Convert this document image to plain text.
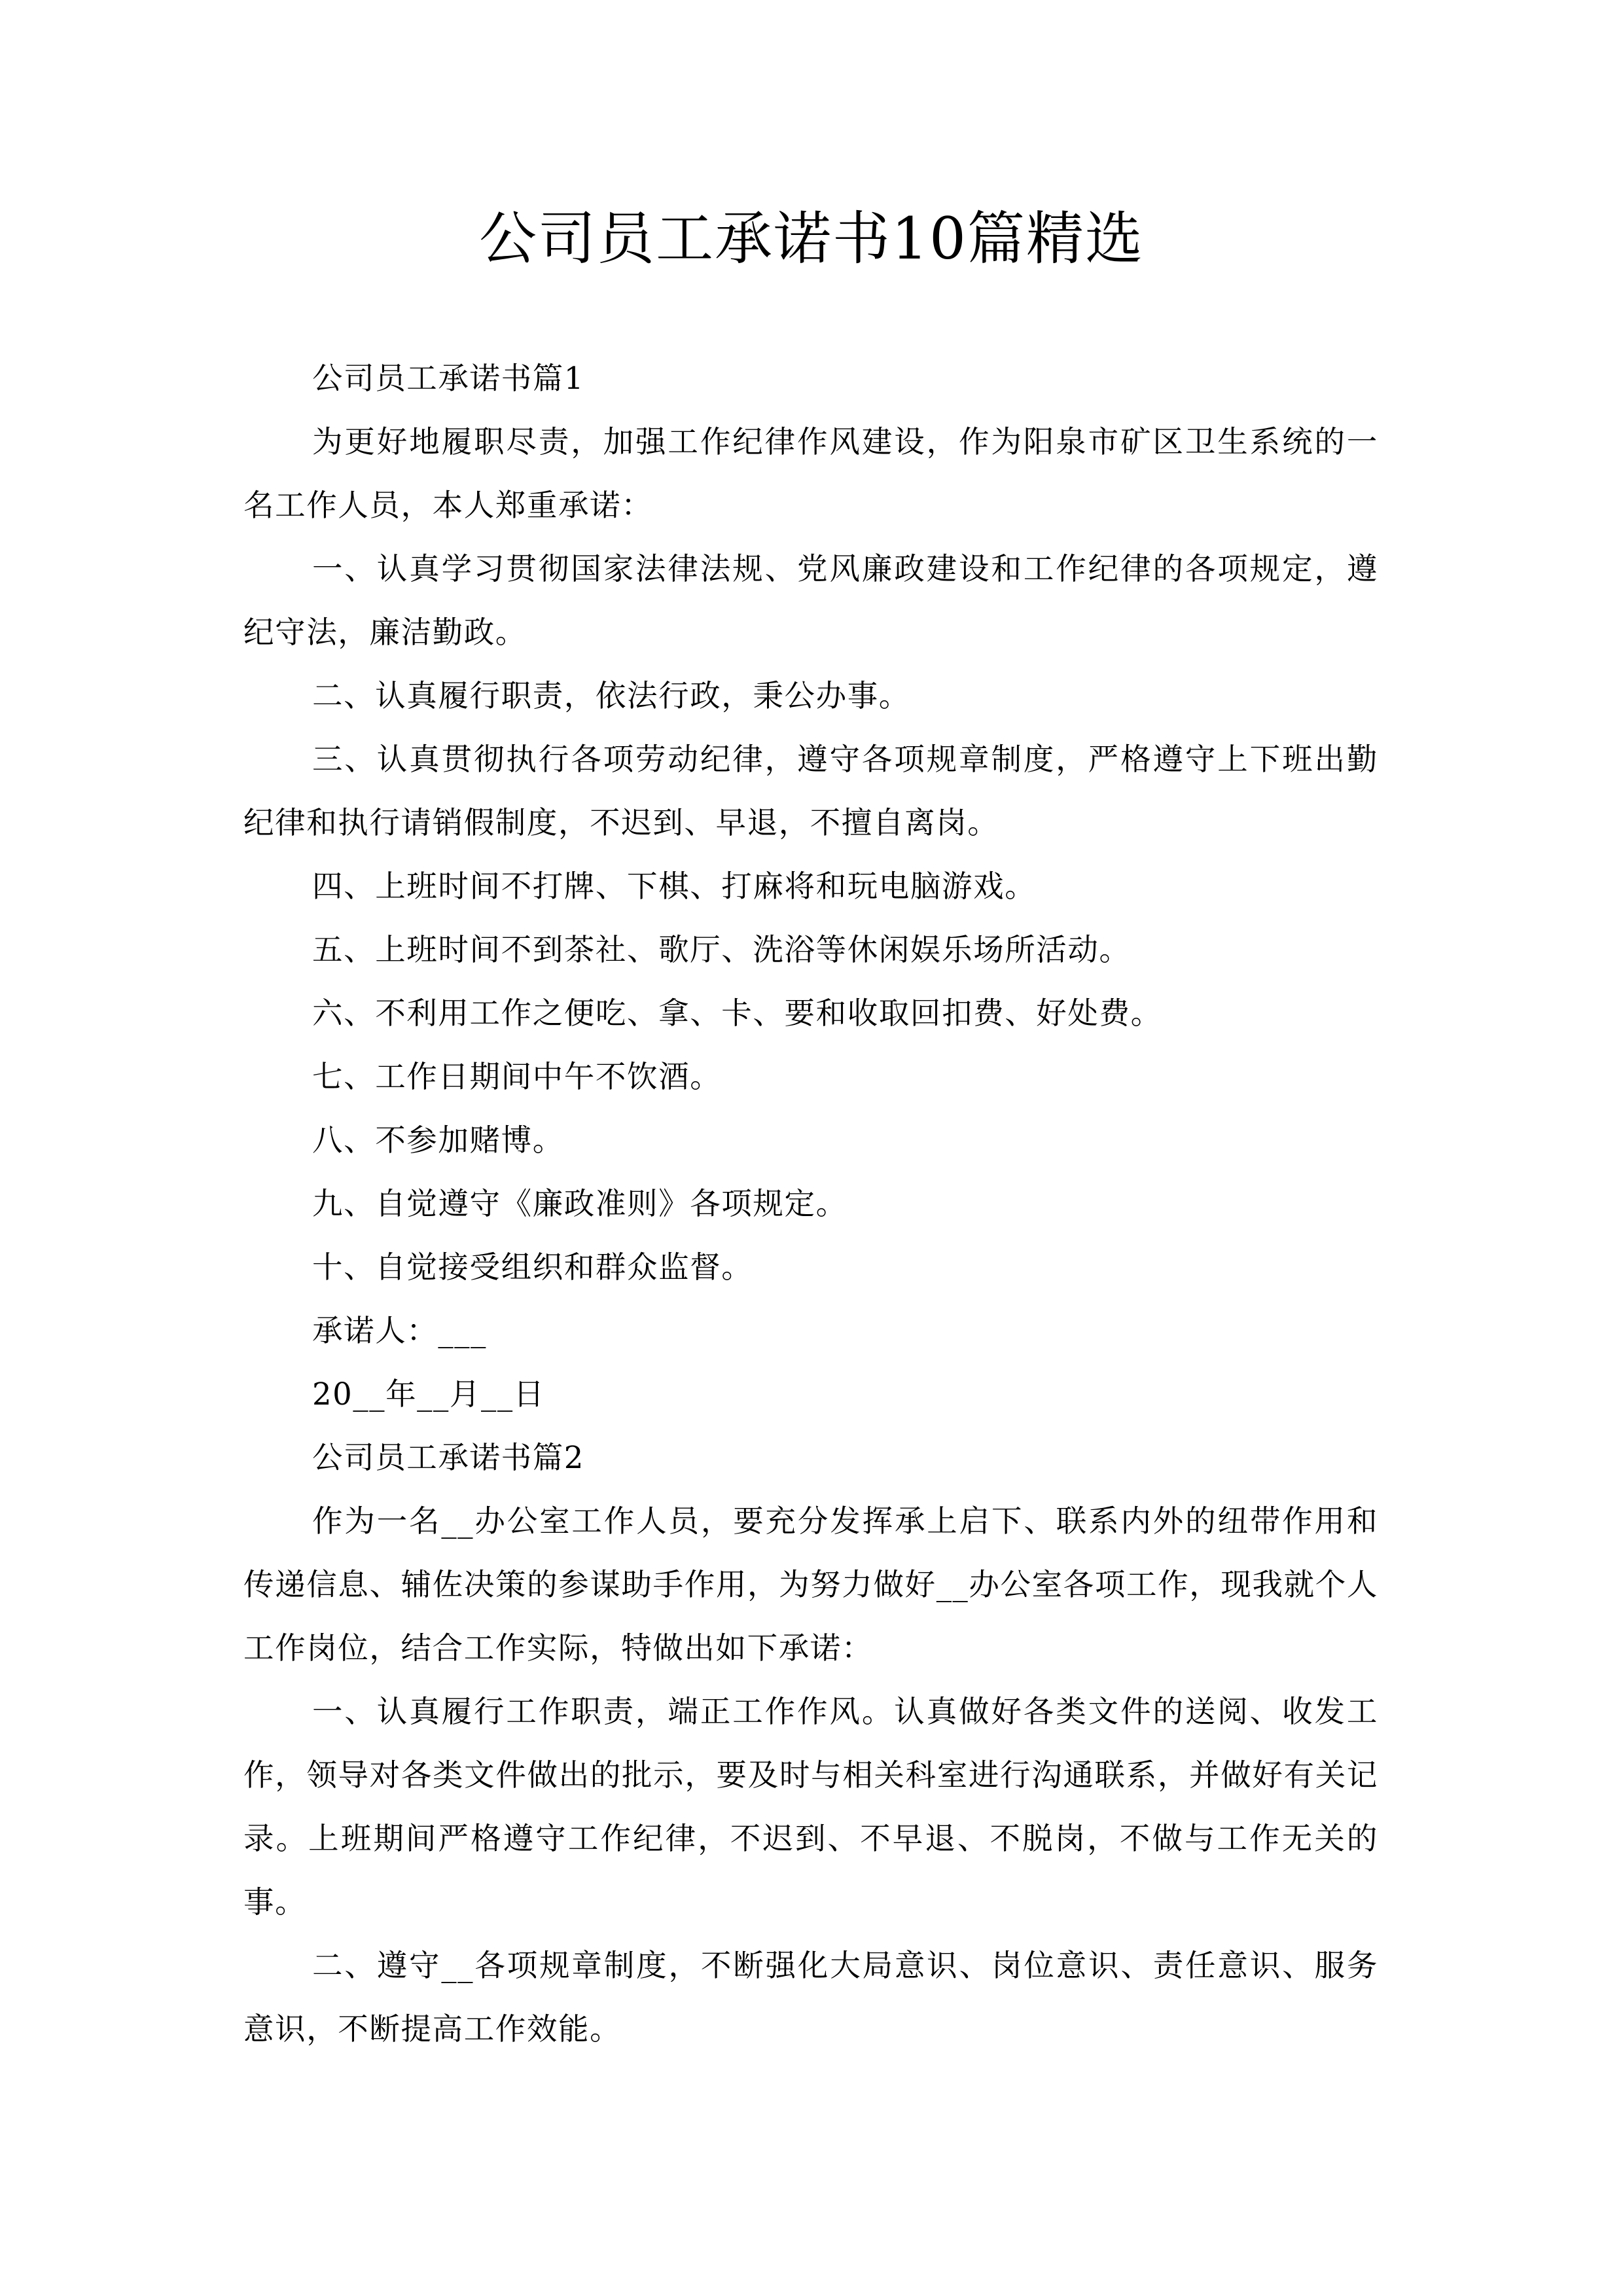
公司员工承诺书10篇精选

公司员工承诺书篇1

为更好地履职尽责，加强工作纪律作风建设，作为阳泉市矿区卫生系统的一名工作人员，本人郑重承诺：

一、认真学习贯彻国家法律法规、党风廉政建设和工作纪律的各项规定，遵纪守法，廉洁勤政。

二、认真履行职责，依法行政，秉公办事。

三、认真贯彻执行各项劳动纪律，遵守各项规章制度，严格遵守上下班出勤纪律和执行请销假制度，不迟到、早退，不擅自离岗。

四、上班时间不打牌、下棋、打麻将和玩电脑游戏。

五、上班时间不到茶社、歌厅、洗浴等休闲娱乐场所活动。

六、不利用工作之便吃、拿、卡、要和收取回扣费、好处费。

七、工作日期间中午不饮酒。

八、不参加赌博。

九、自觉遵守《廉政准则》各项规定。

十、自觉接受组织和群众监督。

承诺人：___

20__年__月__日

公司员工承诺书篇2

作为一名__办公室工作人员，要充分发挥承上启下、联系内外的纽带作用和传递信息、辅佐决策的参谋助手作用，为努力做好__办公室各项工作，现我就个人工作岗位，结合工作实际，特做出如下承诺：

一、认真履行工作职责，端正工作作风。认真做好各类文件的送阅、收发工作，领导对各类文件做出的批示，要及时与相关科室进行沟通联系，并做好有关记录。上班期间严格遵守工作纪律，不迟到、不早退、不脱岗，不做与工作无关的事。

二、遵守__各项规章制度，不断强化大局意识、岗位意识、责任意识、服务意识，不断提高工作效能。
